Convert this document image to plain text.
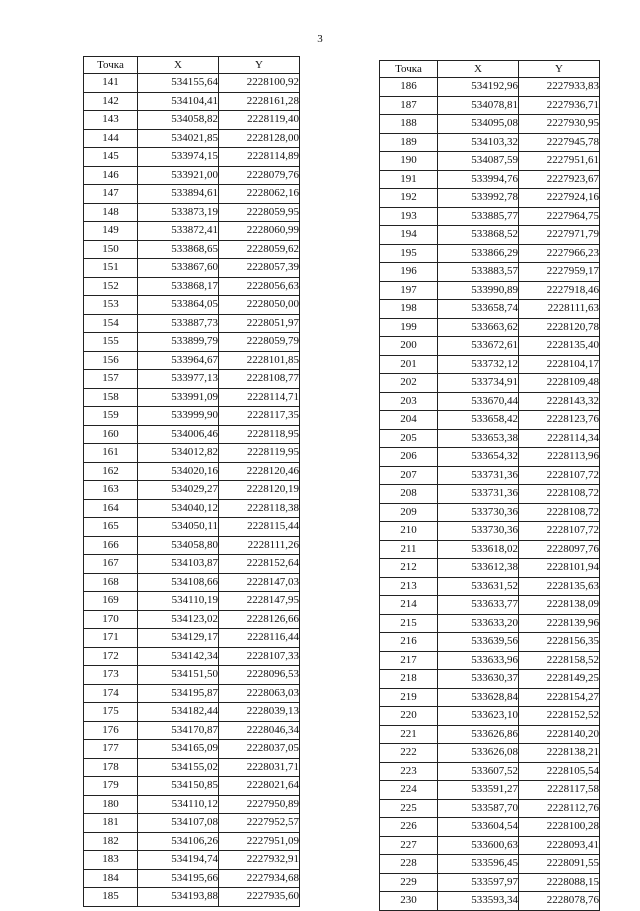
3
Точка	X	Y
141	534155,64	2228100,92
142	534104,41	2228161,28
143	534058,82	2228119,40
144	534021,85	2228128,00
145	533974,15	2228114,89
146	533921,00	2228079,76
147	533894,61	2228062,16
148	533873,19	2228059,95
149	533872,41	2228060,99
150	533868,65	2228059,62
151	533867,60	2228057,39
152	533868,17	2228056,63
153	533864,05	2228050,00
154	533887,73	2228051,97
155	533899,79	2228059,79
156	533964,67	2228101,85
157	533977,13	2228108,77
158	533991,09	2228114,71
159	533999,90	2228117,35
160	534006,46	2228118,95
161	534012,82	2228119,95
162	534020,16	2228120,46
163	534029,27	2228120,19
164	534040,12	2228118,38
165	534050,11	2228115,44
166	534058,80	2228111,26
167	534103,87	2228152,64
168	534108,66	2228147,03
169	534110,19	2228147,95
170	534123,02	2228126,66
171	534129,17	2228116,44
172	534142,34	2228107,33
173	534151,50	2228096,53
174	534195,87	2228063,03
175	534182,44	2228039,13
176	534170,87	2228046,34
177	534165,09	2228037,05
178	534155,02	2228031,71
179	534150,85	2228021,64
180	534110,12	2227950,89
181	534107,08	2227952,57
182	534106,26	2227951,09
183	534194,74	2227932,91
184	534195,66	2227934,68
185	534193,88	2227935,60
Точка	X	Y
186	534192,96	2227933,83
187	534078,81	2227936,71
188	534095,08	2227930,95
189	534103,32	2227945,78
190	534087,59	2227951,61
191	533994,76	2227923,67
192	533992,78	2227924,16
193	533885,77	2227964,75
194	533868,52	2227971,79
195	533866,29	2227966,23
196	533883,57	2227959,17
197	533990,89	2227918,46
198	533658,74	2228111,63
199	533663,62	2228120,78
200	533672,61	2228135,40
201	533732,12	2228104,17
202	533734,91	2228109,48
203	533670,44	2228143,32
204	533658,42	2228123,76
205	533653,38	2228114,34
206	533654,32	2228113,96
207	533731,36	2228107,72
208	533731,36	2228108,72
209	533730,36	2228108,72
210	533730,36	2228107,72
211	533618,02	2228097,76
212	533612,38	2228101,94
213	533631,52	2228135,63
214	533633,77	2228138,09
215	533633,20	2228139,96
216	533639,56	2228156,35
217	533633,96	2228158,52
218	533630,37	2228149,25
219	533628,84	2228154,27
220	533623,10	2228152,52
221	533626,86	2228140,20
222	533626,08	2228138,21
223	533607,52	2228105,54
224	533591,27	2228117,58
225	533587,70	2228112,76
226	533604,54	2228100,28
227	533600,63	2228093,41
228	533596,45	2228091,55
229	533597,97	2228088,15
230	533593,34	2228078,76
